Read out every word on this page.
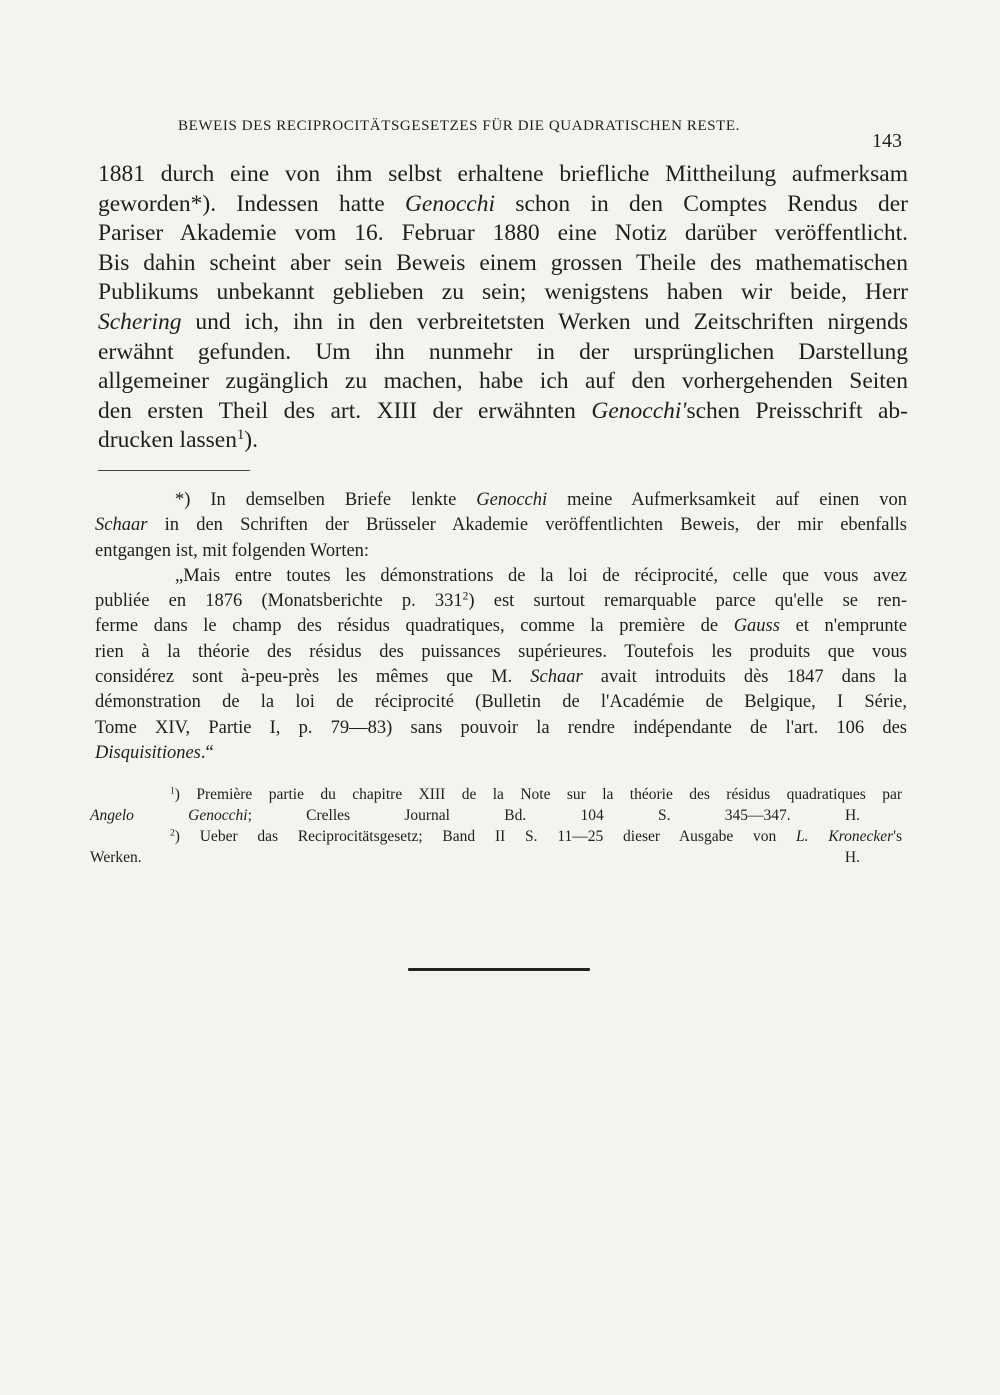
BEWEIS DES RECIPROCITÄTSGESETZES FÜR DIE QUADRATISCHEN RESTE.
143
1881 durch eine von ihm selbst erhaltene briefliche Mittheilung aufmerksam
geworden*). Indessen hatte Genocchi schon in den Comptes Rendus der
Pariser Akademie vom 16. Februar 1880 eine Notiz darüber veröffentlicht.
Bis dahin scheint aber sein Beweis einem grossen Theile des mathematischen
Publikums unbekannt geblieben zu sein; wenigstens haben wir beide, Herr
Schering und ich, ihn in den verbreitetsten Werken und Zeitschriften nirgends
erwähnt gefunden. Um ihn nunmehr in der ursprünglichen Darstellung
allgemeiner zugänglich zu machen, habe ich auf den vorhergehenden Seiten
den ersten Theil des art. XIII der erwähnten Genocchi'schen Preisschrift ab-
drucken lassen$^1$).
*) In demselben Briefe lenkte Genocchi meine Aufmerksamkeit auf einen von
Schaar in den Schriften der Brüsseler Akademie veröffentlichten Beweis, der mir ebenfalls
entgangen ist, mit folgenden Worten:
„Mais entre toutes les démonstrations de la loi de réciprocité, celle que vous avez
publiée en 1876 (Monatsberichte p. $331^2$) est surtout remarquable parce qu'elle se ren-
ferme dans le champ des résidus quadratiques, comme la première de Gauss et n'emprunte
rien à la théorie des résidus des puissances supérieures. Toutefois les produits que vous
considérez sont à-peu-près les mêmes que M. Schaar avait introduits dès 1847 dans la
démonstration de la loi de réciprocité (Bulletin de l'Académie de Belgique, I Série,
Tome XIV, Partie I, p. 79—83) sans pouvoir la rendre indépendante de l'art. 106 des
Disquisitiones.“
$^1$) Première partie du chapitre XIII de la Note sur la théorie des résidus quadratiques par
Angelo Genocchi; Crelles Journal Bd. 104 S. 345—347.	H.
$^2$) Ueber das Reciprocitätsgesetz; Band II S. 11—25 dieser Ausgabe von L. Kronecker's
Werken.	H.
